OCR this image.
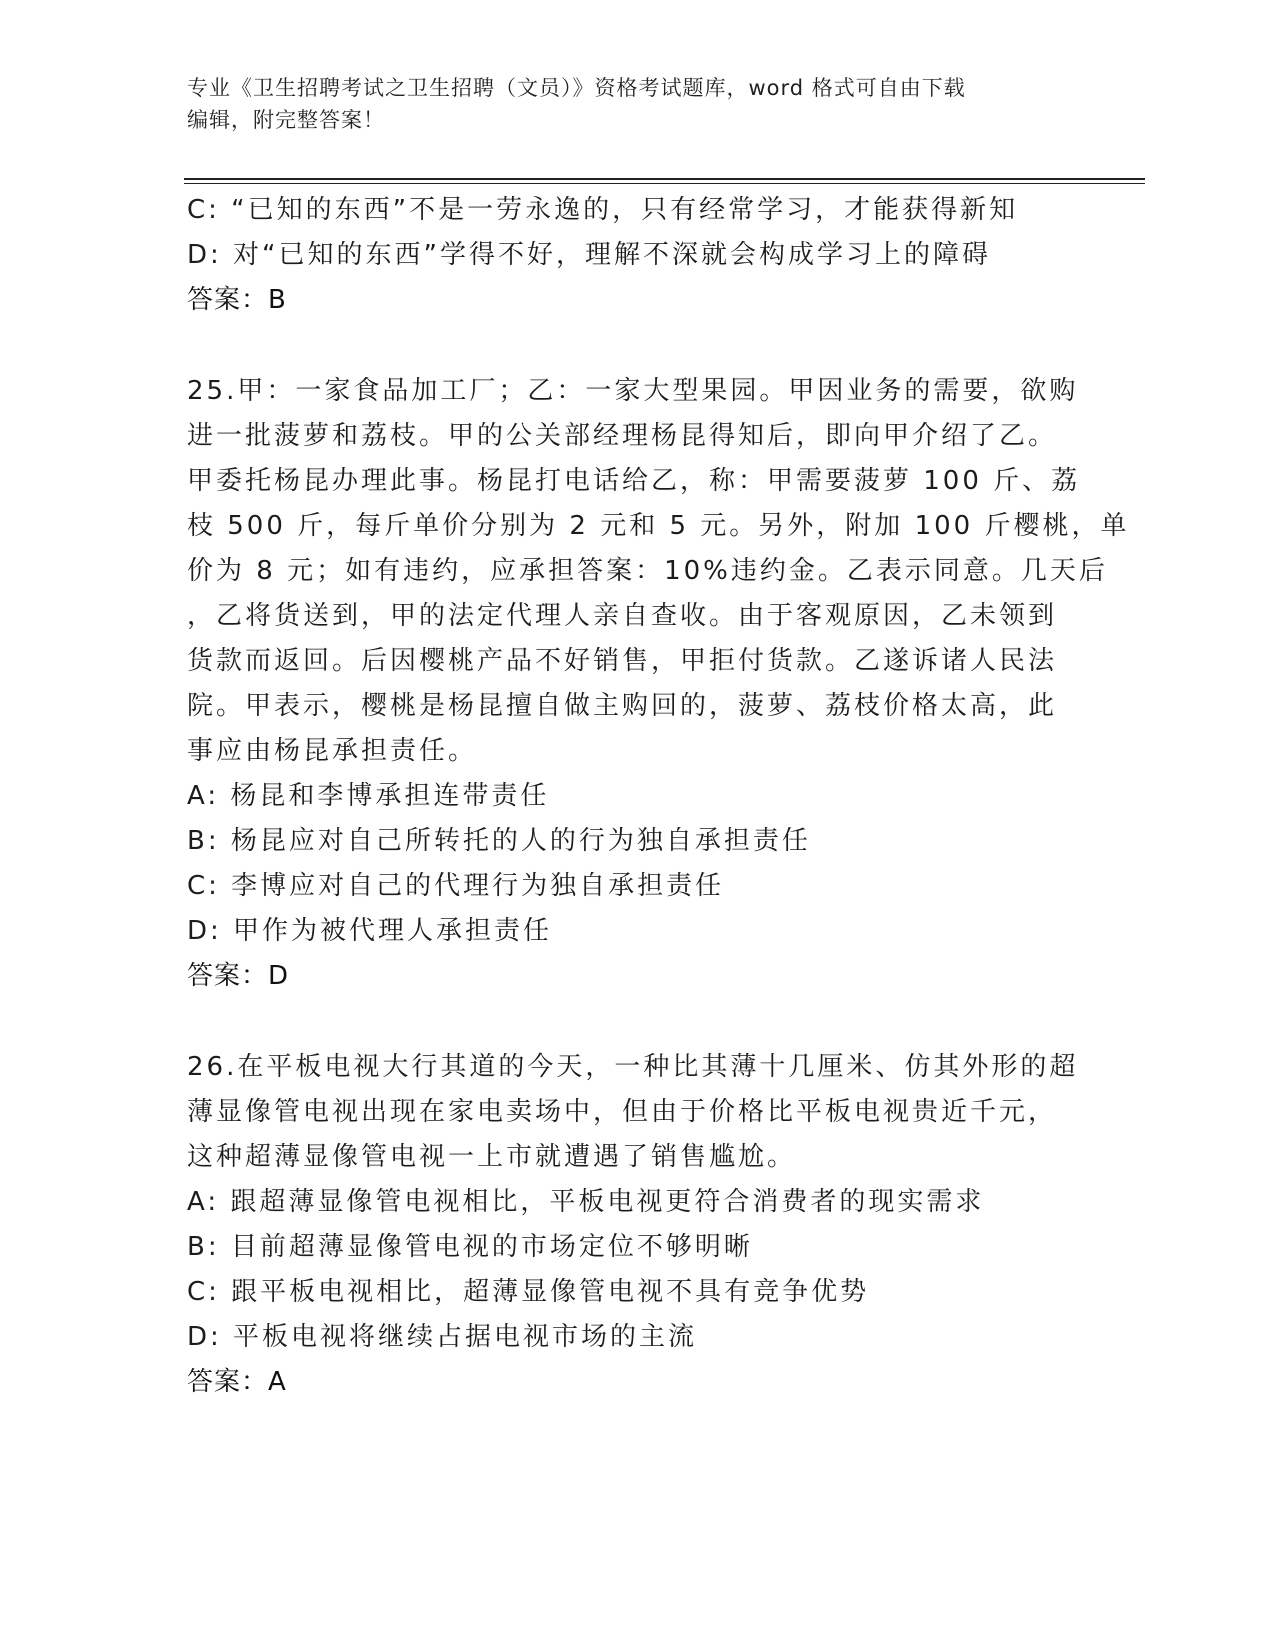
专业《卫生招聘考试之卫生招聘（文员）》资格考试题库，word 格式可自由下载
编辑，附完整答案！
C: “已知的东西”不是一劳永逸的，只有经常学习，才能获得新知
D: 对“已知的东西”学得不好，理解不深就会构成学习上的障碍
答案：B
25.甲：一家食品加工厂；乙：一家大型果园。甲因业务的需要，欲购
进一批菠萝和荔枝。甲的公关部经理杨昆得知后，即向甲介绍了乙。
甲委托杨昆办理此事。杨昆打电话给乙，称：甲需要菠萝 100 斤、荔
枝 500 斤，每斤单价分别为 2 元和 5 元。另外，附加 100 斤樱桃，单
价为 8 元；如有违约，应承担答案：10%违约金。乙表示同意。几天后
，乙将货送到，甲的法定代理人亲自查收。由于客观原因，乙未领到
货款而返回。后因樱桃产品不好销售，甲拒付货款。乙遂诉诸人民法
院。甲表示，樱桃是杨昆擅自做主购回的，菠萝、荔枝价格太高，此
事应由杨昆承担责任。
A: 杨昆和李博承担连带责任
B: 杨昆应对自己所转托的人的行为独自承担责任
C: 李博应对自己的代理行为独自承担责任
D: 甲作为被代理人承担责任
答案：D
26.在平板电视大行其道的今天，一种比其薄十几厘米、仿其外形的超
薄显像管电视出现在家电卖场中，但由于价格比平板电视贵近千元，
这种超薄显像管电视一上市就遭遇了销售尴尬。
A: 跟超薄显像管电视相比，平板电视更符合消费者的现实需求
B: 目前超薄显像管电视的市场定位不够明晰
C: 跟平板电视相比，超薄显像管电视不具有竞争优势
D: 平板电视将继续占据电视市场的主流
答案：A
